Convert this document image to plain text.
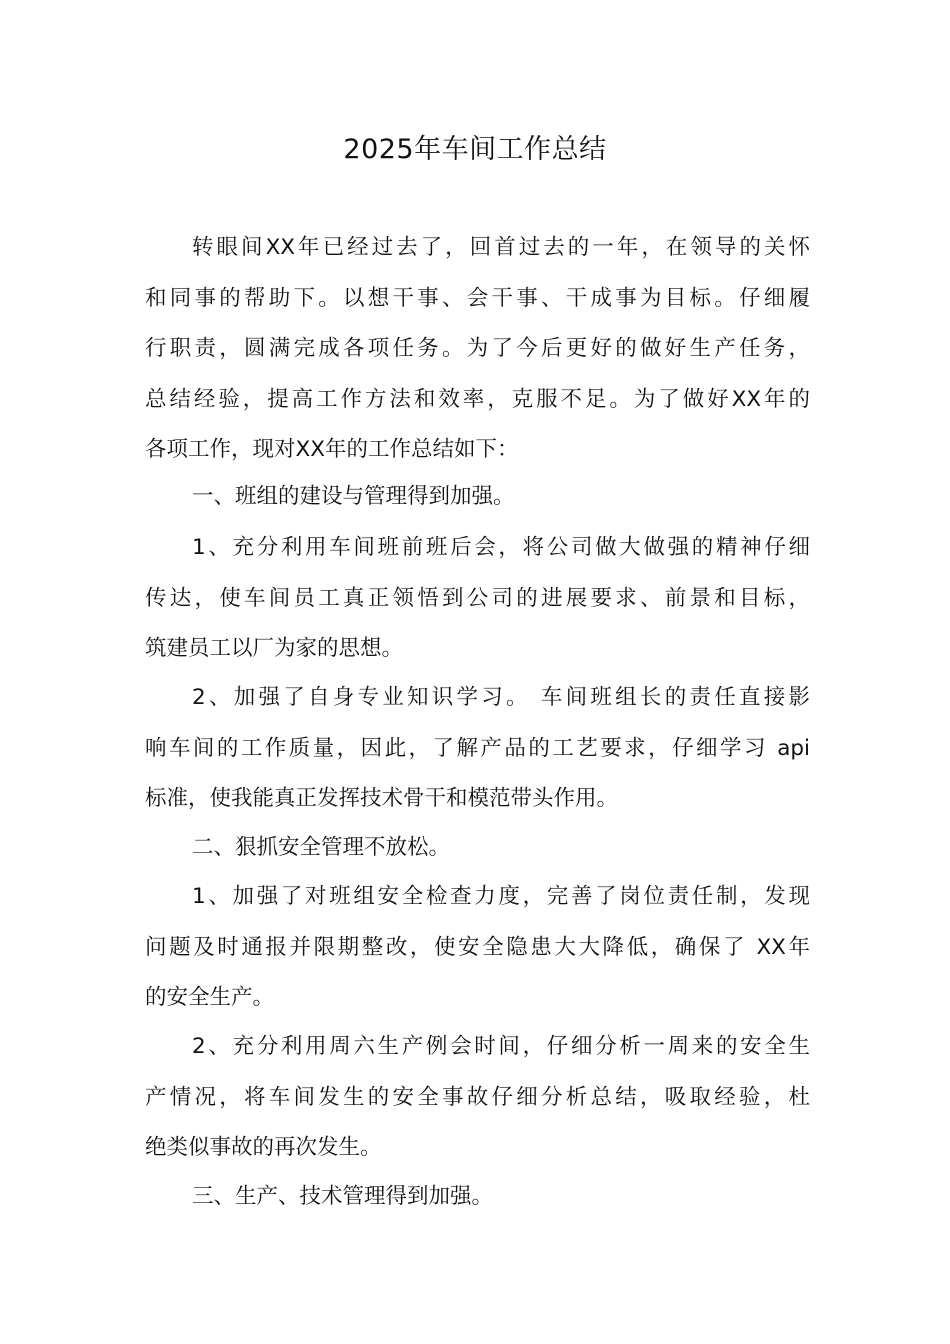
2025年车间工作总结
转眼间XX年已经过去了，回首过去的一年，在领导的关怀
和同事的帮助下。以想干事、会干事、干成事为目标。仔细履
行职责，圆满完成各项任务。为了今后更好的做好生产任务，
总结经验，提高工作方法和效率，克服不足。为了做好XX年的
各项工作，现对XX年的工作总结如下：
一、班组的建设与管理得到加强。
1、充分利用车间班前班后会，将公司做大做强的精神仔细
传达，使车间员工真正领悟到公司的进展要求、前景和目标，
筑建员工以厂为家的思想。
2、加强了自身专业知识学习。 车间班组长的责任直接影
响车间的工作质量，因此，了解产品的工艺要求，仔细学习 api
标准，使我能真正发挥技术骨干和模范带头作用。
二、狠抓安全管理不放松。
1、加强了对班组安全检查力度，完善了岗位责任制，发现
问题及时通报并限期整改，使安全隐患大大降低，确保了 XX年
的安全生产。
2、充分利用周六生产例会时间，仔细分析一周来的安全生
产情况，将车间发生的安全事故仔细分析总结，吸取经验，杜
绝类似事故的再次发生。
三、生产、技术管理得到加强。
